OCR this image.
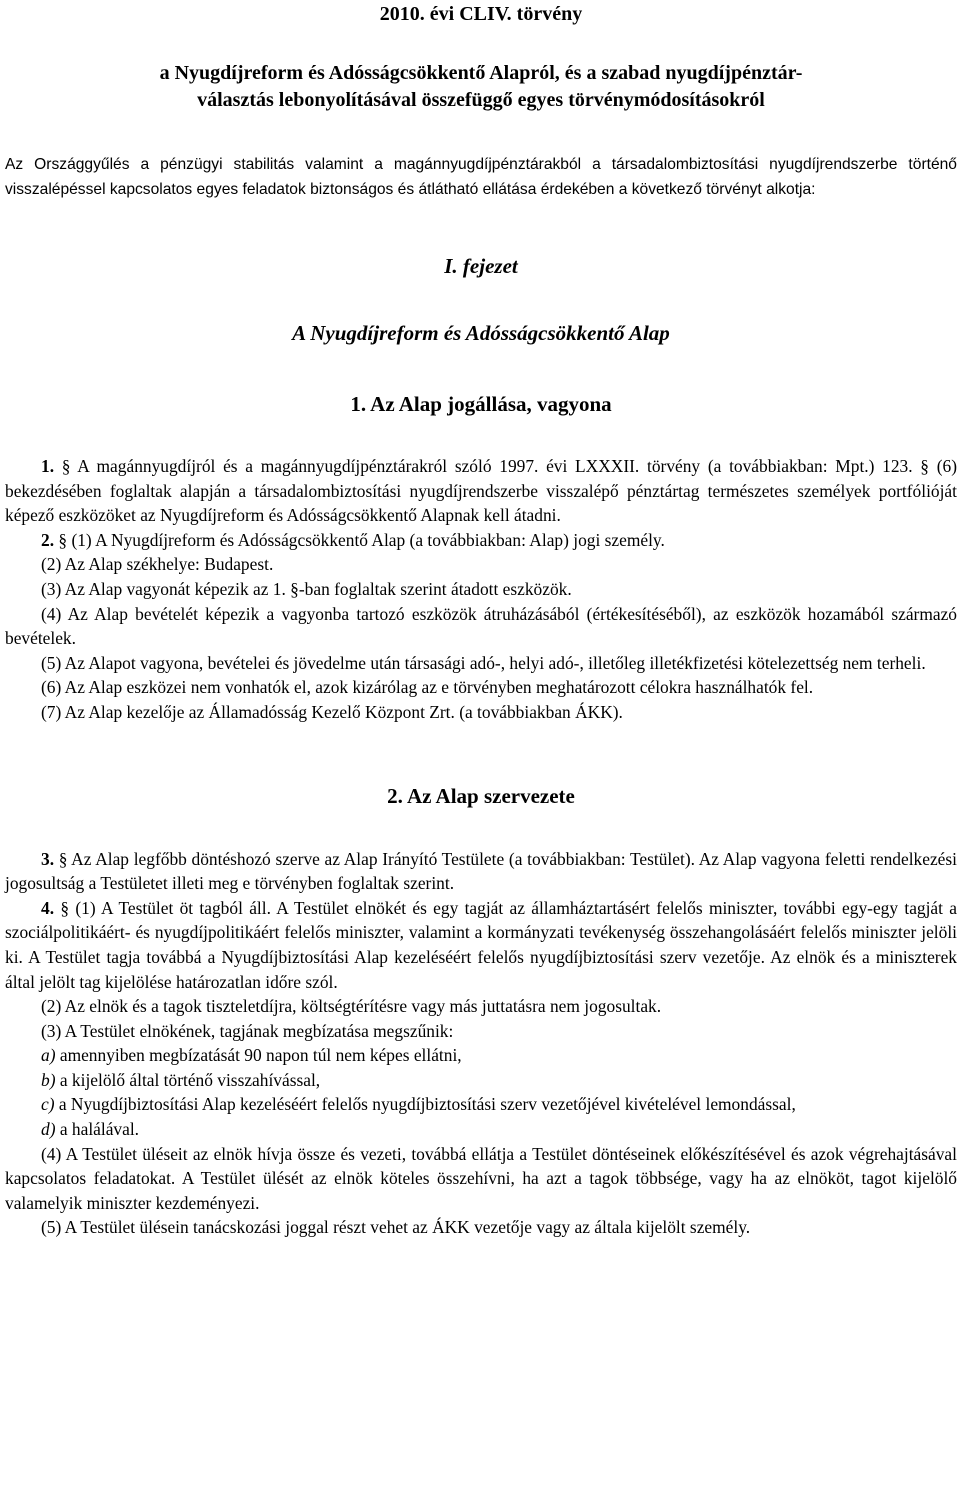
2010. évi CLIV. törvény
a Nyugdíjreform és Adósságcsökkentő Alapról, és a szabad nyugdíjpénztár-
választás lebonyolításával összefüggő egyes törvénymódosításokról

Az Országgyűlés a pénzügyi stabilitás valamint a magánnyugdíjpénztárakból a társadalombiztosítási nyugdíjrendszerbe történő visszalépéssel kapcsolatos egyes feladatok biztonságos és átlátható ellátása érdekében a következő törvényt alkotja:

I. fejezet
A Nyugdíjreform és Adósságcsökkentő Alap
1. Az Alap jogállása, vagyona

1. § A magánnyugdíjról és a magánnyugdíjpénztárakról szóló 1997. évi LXXXII. törvény (a továbbiakban: Mpt.) 123. § (6) bekezdésében foglaltak alapján a társadalombiztosítási nyugdíjrendszerbe visszalépő pénztártag természetes személyek portfólióját képező eszközöket az Nyugdíjreform és Adósságcsökkentő Alapnak kell átadni.

2. § (1) A Nyugdíjreform és Adósságcsökkentő Alap (a továbbiakban: Alap) jogi személy.

(2) Az Alap székhelye: Budapest.

(3) Az Alap vagyonát képezik az 1. §-ban foglaltak szerint átadott eszközök.

(4) Az Alap bevételét képezik a vagyonba tartozó eszközök átruházásából (értékesítéséből), az eszközök hozamából származó bevételek.

(5) Az Alapot vagyona, bevételei és jövedelme után társasági adó-, helyi adó-, illetőleg illetékfizetési kötelezettség nem terheli.

(6) Az Alap eszközei nem vonhatók el, azok kizárólag az e törvényben meghatározott célokra használhatók fel.

(7) Az Alap kezelője az Államadósság Kezelő Központ Zrt. (a továbbiakban ÁKK).

2. Az Alap szervezete

3. § Az Alap legfőbb döntéshozó szerve az Alap Irányító Testülete (a továbbiakban: Testület). Az Alap vagyona feletti rendelkezési jogosultság a Testületet illeti meg e törvényben foglaltak szerint.

4. § (1) A Testület öt tagból áll. A Testület elnökét és egy tagját az államháztartásért felelős miniszter, további egy-egy tagját a szociálpolitikáért- és nyugdíjpolitikáért felelős miniszter, valamint a kormányzati tevékenység összehangolásáért felelős miniszter jelöli ki. A Testület tagja továbbá a Nyugdíjbiztosítási Alap kezeléséért felelős nyugdíjbiztosítási szerv vezetője. Az elnök és a miniszterek által jelölt tag kijelölése határozatlan időre szól.

(2) Az elnök és a tagok tiszteletdíjra, költségtérítésre vagy más juttatásra nem jogosultak.

(3) A Testület elnökének, tagjának megbízatása megszűnik:

a) amennyiben megbízatását 90 napon túl nem képes ellátni,

b) a kijelölő által történő visszahívással,

c) a Nyugdíjbiztosítási Alap kezeléséért felelős nyugdíjbiztosítási szerv vezetőjével kivételével lemondással,

d) a halálával.

(4) A Testület üléseit az elnök hívja össze és vezeti, továbbá ellátja a Testület döntéseinek előkészítésével és azok végrehajtásával kapcsolatos feladatokat. A Testület ülését az elnök köteles összehívni, ha azt a tagok többsége, vagy ha az elnököt, tagot kijelölő valamelyik miniszter kezdeményezi.

(5) A Testület ülésein tanácskozási joggal részt vehet az ÁKK vezetője vagy az általa kijelölt személy.
